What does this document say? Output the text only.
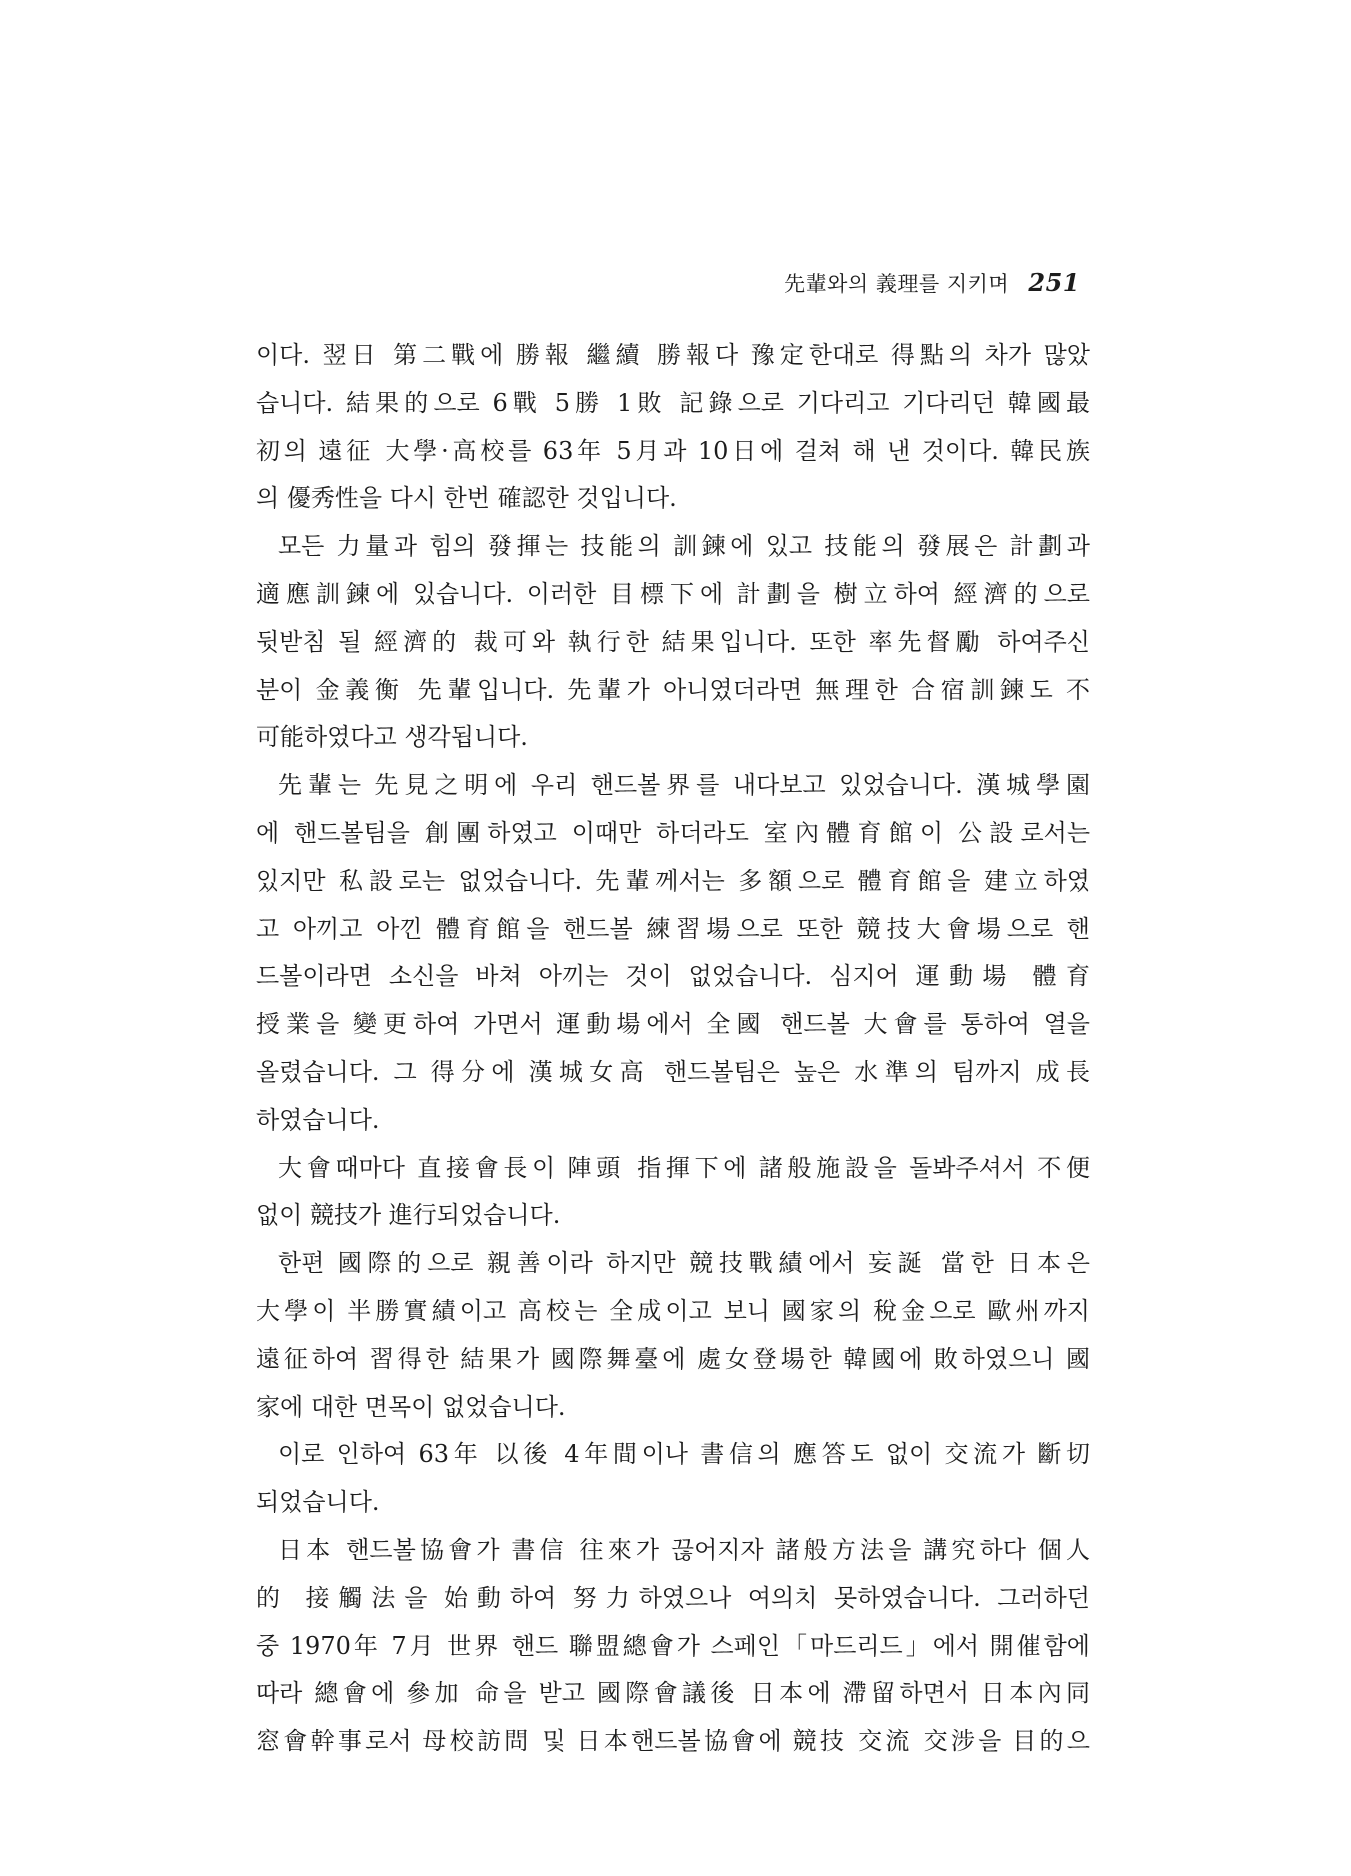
先輩와의 義理를 지키며 251
이다. 翌日 第二戰에 勝報 繼續 勝報다 豫定한대로 得點의 차가 많았
습니다. 結果的으로 6戰 5勝 1敗 記錄으로 기다리고 기다리던 韓國最
初의 遠征 大學·高校를 63年 5月과 10日에 걸쳐 해 낸 것이다. 韓民族
의 優秀性을 다시 한번 確認한 것입니다.
모든 力量과 힘의 發揮는 技能의 訓鍊에 있고 技能의 發展은 計劃과
適應訓鍊에 있습니다. 이러한 目標下에 計劃을 樹立하여 經濟的으로
뒷받침 될 經濟的 裁可와 執行한 結果입니다. 또한 率先督勵 하여주신
분이 金義衡 先輩입니다. 先輩가 아니였더라면 無理한 合宿訓鍊도 不
可能하였다고 생각됩니다.
先輩는 先見之明에 우리 핸드볼界를 내다보고 있었습니다. 漢城學園
에 핸드볼팀을 創團하였고 이때만 하더라도 室內體育館이 公設로서는
있지만 私設로는 없었습니다. 先輩께서는 多額으로 體育館을 建立하였
고 아끼고 아낀 體育館을 핸드볼 練習場으로 또한 競技大會場으로 핸
드볼이라면 소신을 바쳐 아끼는 것이 없었습니다. 심지어 運動場 體育
授業을 變更하여 가면서 運動場에서 全國 핸드볼 大會를 통하여 열을
올렸습니다. 그 得分에 漢城女高 핸드볼팀은 높은 水準의 팀까지 成長
하였습니다.
大會때마다 直接會長이 陣頭 指揮下에 諸般施設을 돌봐주셔서 不便
없이 競技가 進行되었습니다.
한편 國際的으로 親善이라 하지만 競技戰績에서 妄誕 當한 日本은
大學이 半勝實績이고 高校는 全成이고 보니 國家의 稅金으로 歐州까지
遠征하여 習得한 結果가 國際舞臺에 處女登場한 韓國에 敗하였으니 國
家에 대한 면목이 없었습니다.
이로 인하여 63年 以後 4年間이나 書信의 應答도 없이 交流가 斷切
되었습니다.
日本 핸드볼協會가 書信 往來가 끊어지자 諸般方法을 講究하다 個人
的 接觸法을 始動하여 努力하였으나 여의치 못하였습니다. 그러하던
중 1970年 7月 世界 핸드 聯盟總會가 스페인「마드리드」에서 開催함에
따라 總會에 參加 命을 받고 國際會議後 日本에 滯留하면서 日本內同
窓會幹事로서 母校訪問 및 日本핸드볼協會에 競技 交流 交涉을 目的으
